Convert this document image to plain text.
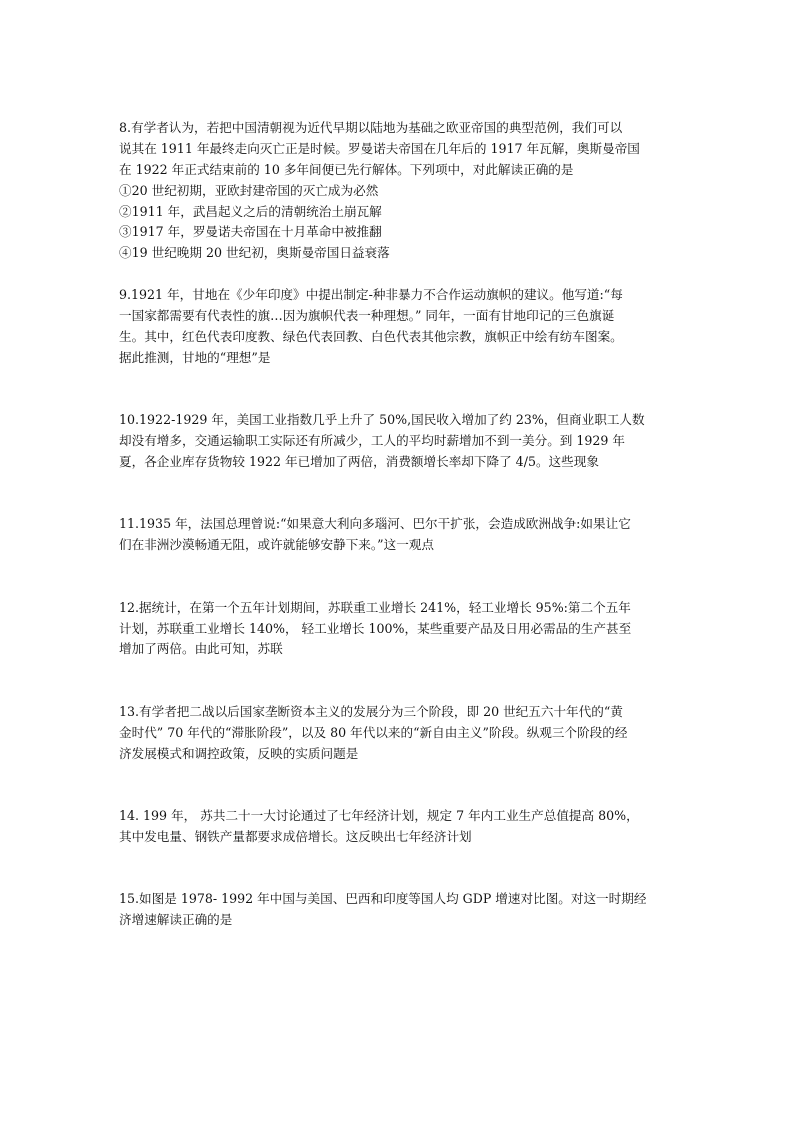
8.有学者认为，若把中国清朝视为近代早期以陆地为基础之欧亚帝国的典型范例，我们可以
说其在 1911 年最终走向灭亡正是时候。罗曼诺夫帝国在几年后的 1917 年瓦解，奥斯曼帝国
在 1922 年正式结束前的 10 多年间便已先行解体。下列项中，对此解读正确的是
①20 世纪初期，亚欧封建帝国的灭亡成为必然
②1911 年，武昌起义之后的清朝统治土崩瓦解
③1917 年，罗曼诺夫帝国在十月革命中被推翻
④19 世纪晚期 20 世纪初，奥斯曼帝国日益衰落
9.1921 年，甘地在《少年印度》中提出制定-种非暴力不合作运动旗帜的建议。他写道:“每
一国家都需要有代表性的旗…因为旗帜代表一种理想。” 同年，一面有甘地印记的三色旗诞
生。其中，红色代表印度教、绿色代表回教、白色代表其他宗教，旗帜正中绘有纺车图案。
据此推测，甘地的“理想”是
10.1922-1929 年，美国工业指数几乎上升了 50%,国民收入增加了约 23%，但商业职工人数
却没有增多，交通运输职工实际还有所减少，工人的平均时薪增加不到一美分。到 1929 年
夏，各企业库存货物较 1922 年已增加了两倍，消费额增长率却下降了 4/5。这些现象
11.1935 年，法国总理曾说:“如果意大利向多瑙河、巴尔干扩张，会造成欧洲战争:如果让它
们在非洲沙漠畅通无阻，或许就能够安静下来。”这一观点
12.据统计，在第一个五年计划期间，苏联重工业增长 241%，轻工业增长 95%:第二个五年
计划，苏联重工业增长 140%， 轻工业增长 100%，某些重要产品及日用必需品的生产甚至
增加了两倍。由此可知，苏联
13.有学者把二战以后国家垄断资本主义的发展分为三个阶段，即 20 世纪五六十年代的“黄
金时代” 70 年代的“滞胀阶段”，以及 80 年代以来的“新自由主义”阶段。纵观三个阶段的经
济发展模式和调控政策，反映的实质问题是
14. 199 年， 苏共二十一大讨论通过了七年经济计划，规定 7 年内工业生产总值提高 80%，
其中发电量、钢铁产量都要求成倍增长。这反映出七年经济计划
15.如图是 1978- 1992 年中国与美国、巴西和印度等国人均 GDP 增速对比图。对这一时期经
济增速解读正确的是
